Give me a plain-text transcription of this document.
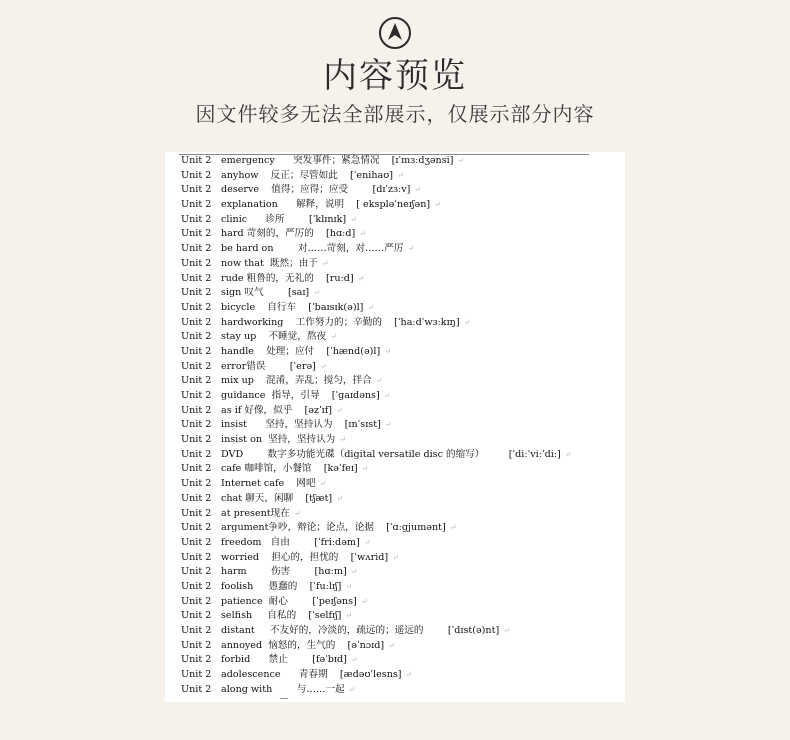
内容预览
因文件较多无法全部展示，仅展示部分内容
Unit 2 emergency      突发事件；紧急情况    [ɪˈmɜːdʒənsi] ↵
Unit 2 anyhow    反正；尽管如此    [ˈenihaʊ] ↵
Unit 2 deserve    值得；应得；应受        [dɪˈzɜːv] ↵
Unit 2 explanation      解释，说明    [ ekspləˈneɪʃən] ↵
Unit 2 clinic      诊所        [ˈklɪnɪk] ↵
Unit 2 hard 苛刻的，严厉的    [hɑːd] ↵
Unit 2 be hard on        对……苛刻，对……严厉 ↵
Unit 2 now that  既然；由于 ↵
Unit 2 rude 粗鲁的，无礼的    [ruːd] ↵
Unit 2 sign 叹气        [saɪ] ↵
Unit 2 bicycle    自行车    [ˈbaɪsɪk(ə)l] ↵
Unit 2 hardworking    工作努力的；辛勤的    [ˈhaːdˈwɜːkɪŋ] ↵
Unit 2 stay up    不睡觉，熬夜 ↵
Unit 2 handle    处理；应付    [ˈhænd(ə)l] ↵
Unit 2 error错误        [ˈerə] ↵
Unit 2 mix up    混淆，弄乱；搅匀，拌合 ↵
Unit 2 guidance  指导，引导    [ˈɡaɪdəns] ↵
Unit 2 as if 好像，似乎    [əzˈɪf] ↵
Unit 2 insist      坚持，坚持认为    [ɪnˈsɪst] ↵
Unit 2 insist on  坚持，坚持认为 ↵
Unit 2 DVD        数字多功能光碟（digital versatile disc 的缩写）        [ˈdiːˈviːˈdiː] ↵
Unit 2 cafe 咖啡馆，小餐馆    [kəˈfeɪ] ↵
Unit 2 Internet cafe    网吧 ↵
Unit 2 chat 聊天，闲聊    [tʃæt] ↵
Unit 2 at present现在 ↵
Unit 2 argument争吵，辩论；论点，论据    [ˈɑːɡjumənt] ↵
Unit 2 freedom   自由        [ˈfriːdəm] ↵
Unit 2 worried    担心的，担忧的    [ˈwʌrid] ↵
Unit 2 harm        伤害        [hɑːm] ↵
Unit 2 foolish     愚蠢的    [ˈfuːlɪʃ] ↵
Unit 2 patience  耐心        [ˈpeɪʃəns] ↵
Unit 2 selfish     自私的    [ˈselfɪʃ] ↵
Unit 2 distant     不友好的，冷淡的，疏远的；遥远的        [ˈdɪst(ə)nt] ↵
Unit 2 annoyed  恼怒的，生气的    [əˈnɔɪd] ↵
Unit 2 forbid      禁止        [fəˈbɪd] ↵
Unit 2 adolescence      青春期    [ædəʊˈlesns] ↵
Unit 2 along with        与……一起 ↵
